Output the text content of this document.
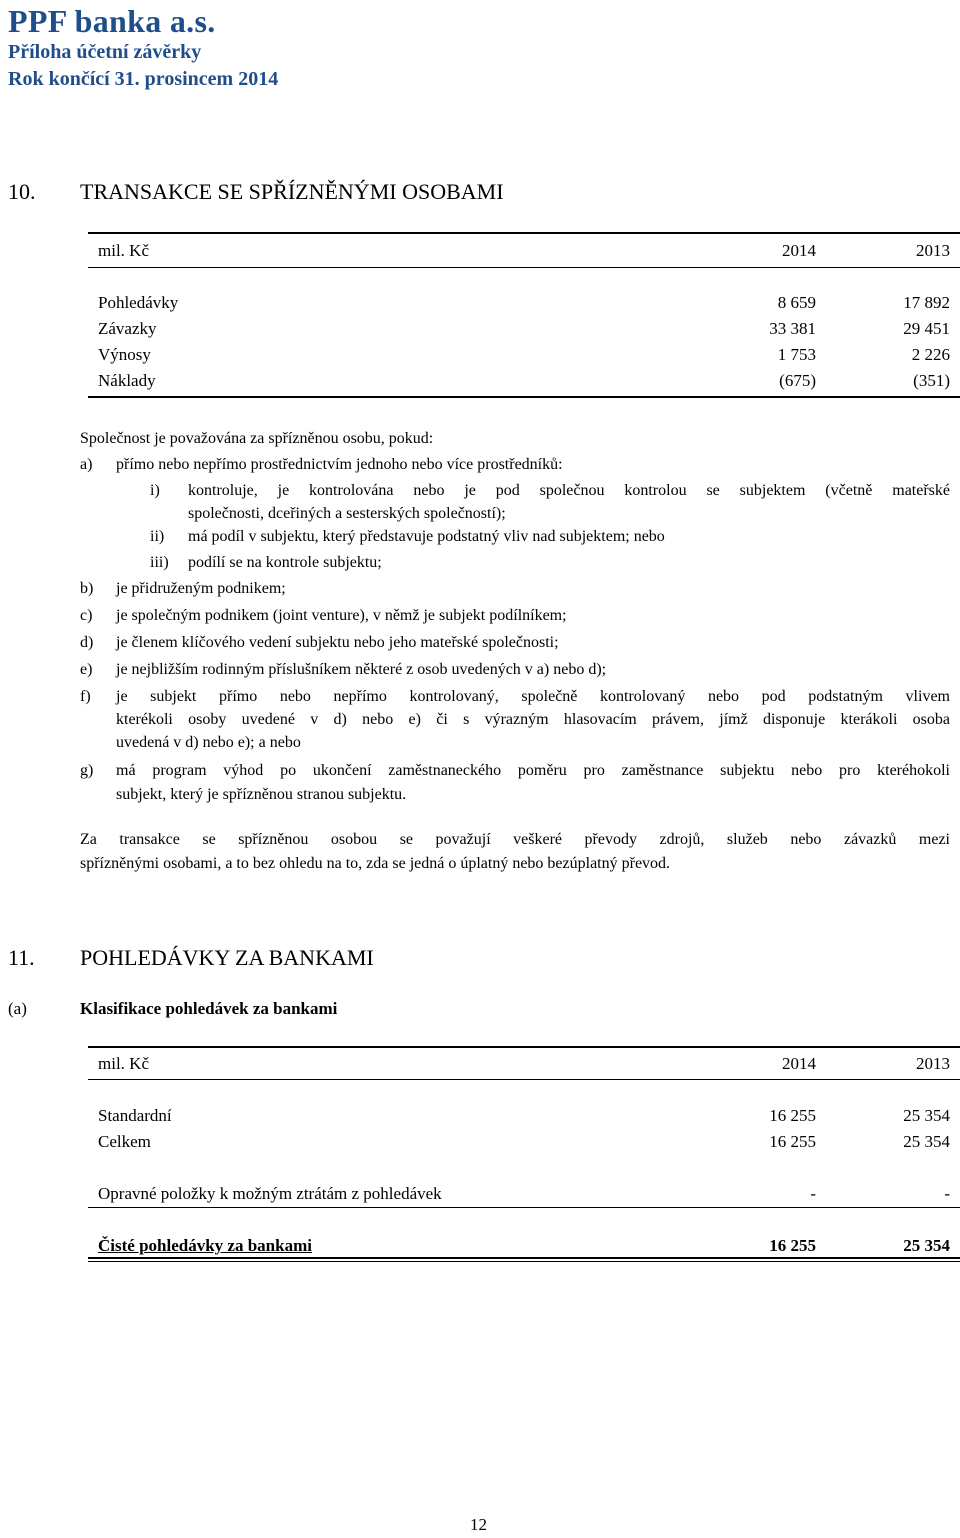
PPF banka a.s.
Příloha účetní závěrky
Rok končící 31. prosincem 2014
10. TRANSAKCE SE SPŘÍZNĚNÝMI OSOBAMI
mil. Kč	2014	2013
Pohledávky	8 659	17 892
Závazky	33 381	29 451
Výnosy	1 753	2 226
Náklady	(675)	(351)
Společnost je považována za spřízněnou osobu, pokud:
a) přímo nebo nepřímo prostřednictvím jednoho nebo více prostředníků:
i) kontroluje, je kontrolována nebo je pod společnou kontrolou se subjektem (včetně mateřské
společnosti, dceřiných a sesterských společností);
ii) má podíl v subjektu, který představuje podstatný vliv nad subjektem; nebo
iii) podílí se na kontrole subjektu;
b) je přidruženým podnikem;
c) je společným podnikem (joint venture), v němž je subjekt podílníkem;
d) je členem klíčového vedení subjektu nebo jeho mateřské společnosti;
e) je nejbližším rodinným příslušníkem některé z osob uvedených v a) nebo d);
f) je subjekt přímo nebo nepřímo kontrolovaný, společně kontrolovaný nebo pod podstatným vlivem
kterékoli osoby uvedené v d) nebo e) či s výrazným hlasovacím právem, jímž disponuje kterákoli osoba
uvedená v d) nebo e); a nebo
g) má program výhod po ukončení zaměstnaneckého poměru pro zaměstnance subjektu nebo pro kteréhokoli
subjekt, který je spřízněnou stranou subjektu.
Za transakce se spřízněnou osobou se považují veškeré převody zdrojů, služeb nebo závazků mezi
spřízněnými osobami, a to bez ohledu na to, zda se jedná o úplatný nebo bezúplatný převod.
11. POHLEDÁVKY ZA BANKAMI
(a)	Klasifikace pohledávek za bankami
mil. Kč	2014	2013
Standardní	16 255	25 354
Celkem	16 255	25 354
Opravné položky k možným ztrátám z pohledávek	-	-
Čisté pohledávky za bankami	16 255	25 354
12
